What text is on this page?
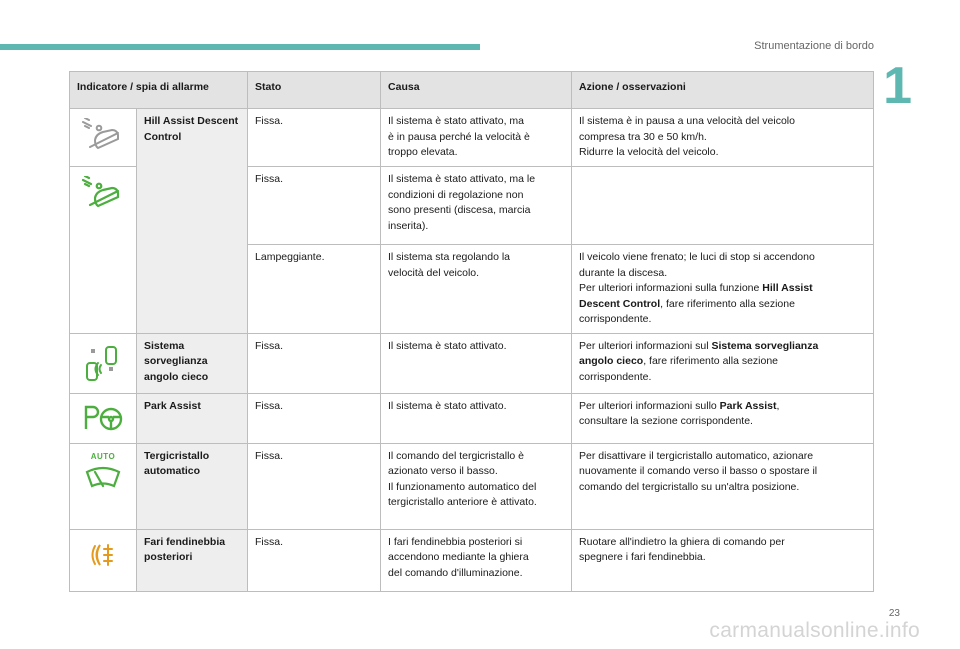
Strumentazione di bordo
1
Indicatore / spia di allarme		Stato	Causa	Azione / osservazioni

	Hill Assist Descent Control	Fissa.	Il sistema è stato attivato, ma
è in pausa perché la velocità è
troppo elevata.	Il sistema è in pausa a una velocità del veicolo
compresa tra 30 e 50 km/h.
Ridurre la velocità del veicolo.

	Fissa.	Il sistema è stato attivato, ma le
condizioni di regolazione non
sono presenti (discesa, marcia
inserita).	

		Lampeggiante.	Il sistema sta regolando la
velocità del veicolo.	Il veicolo viene frenato; le luci di stop si accendono
durante la discesa.
Per ulteriori informazioni sulla funzione Hill Assist
Descent Control, fare riferimento alla sezione
corrispondente.

Sistema
sorveglianza
angolo cieco	Fissa.	Il sistema è stato attivato.	Per ulteriori informazioni sul Sistema sorveglianza
angolo cieco, fare riferimento alla sezione
corrispondente.

	Park Assist	Fissa.	Il sistema è stato attivato.	Per ulteriori informazioni sullo Park Assist,
consultare la sezione corrispondente.

AUTO	Tergicristallo
automatico	Fissa.	Il comando del tergicristallo è
azionato verso il basso.
Il funzionamento automatico del
tergicristallo anteriore è attivato.	Per disattivare il tergicristallo automatico, azionare
nuovamente il comando verso il basso o spostare il
comando del tergicristallo su un'altra posizione.

Fari fendinebbia
posteriori	Fissa.	I fari fendinebbia posteriori si
accendono mediante la ghiera
del comando d'illuminazione.	Ruotare all'indietro la ghiera di comando per
spegnere i fari fendinebbia.
23
carmanualsonline.info
